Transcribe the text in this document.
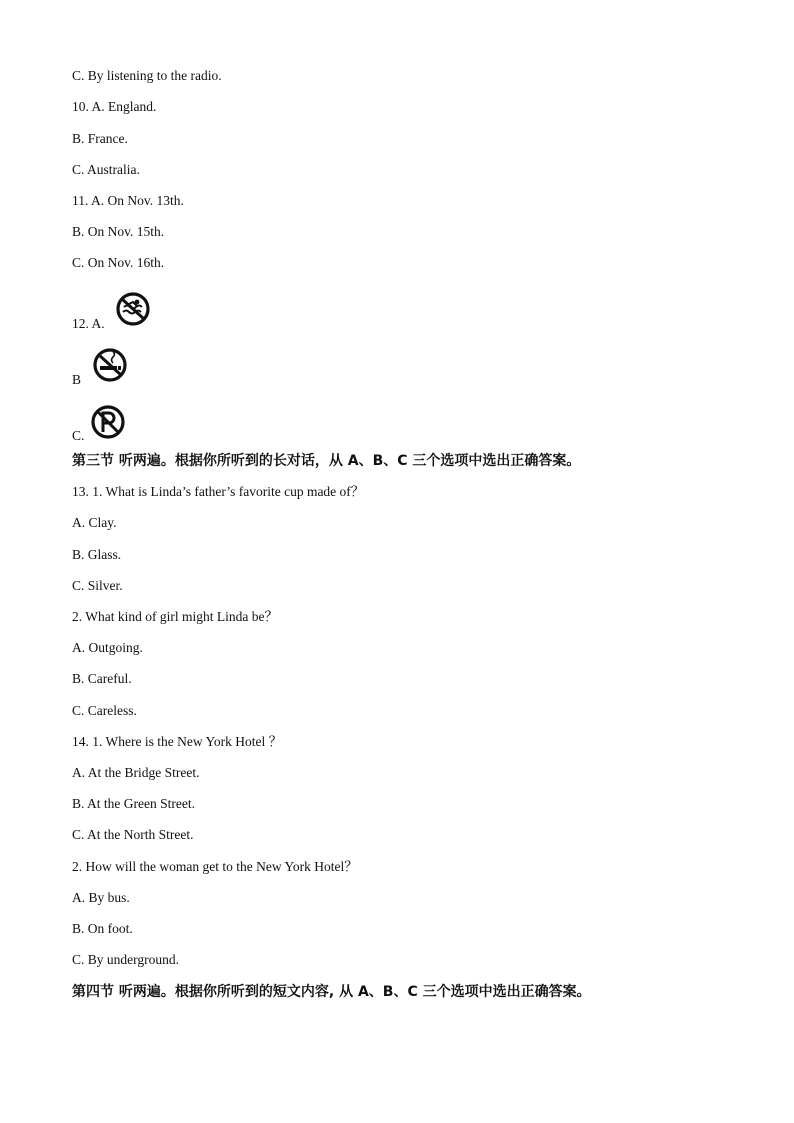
C. By listening to the radio.
10. A. England.
B. France.
C. Australia.
11. A. On Nov. 13th.
B. On Nov. 15th.
C. On Nov. 16th.
12. A.
B
C.
第三节 听两遍。根据你所听到的长对话，从 A、B、C 三个选项中选出正确答案。
13. 1. What is Linda’s father’s favorite cup made of？
A. Clay.
B. Glass.
C. Silver.
2. What kind of girl might Linda be？
A. Outgoing.
B. Careful.
C. Careless.
14. 1. Where is the New York Hotel ？
A. At the Bridge Street.
B. At the Green Street.
C. At the North Street.
2. How will the woman get to the New York Hotel？
A. By bus.
B. On foot.
C. By underground.
第四节 听两遍。根据你所听到的短文内容, 从 A、B、C 三个选项中选出正确答案。
